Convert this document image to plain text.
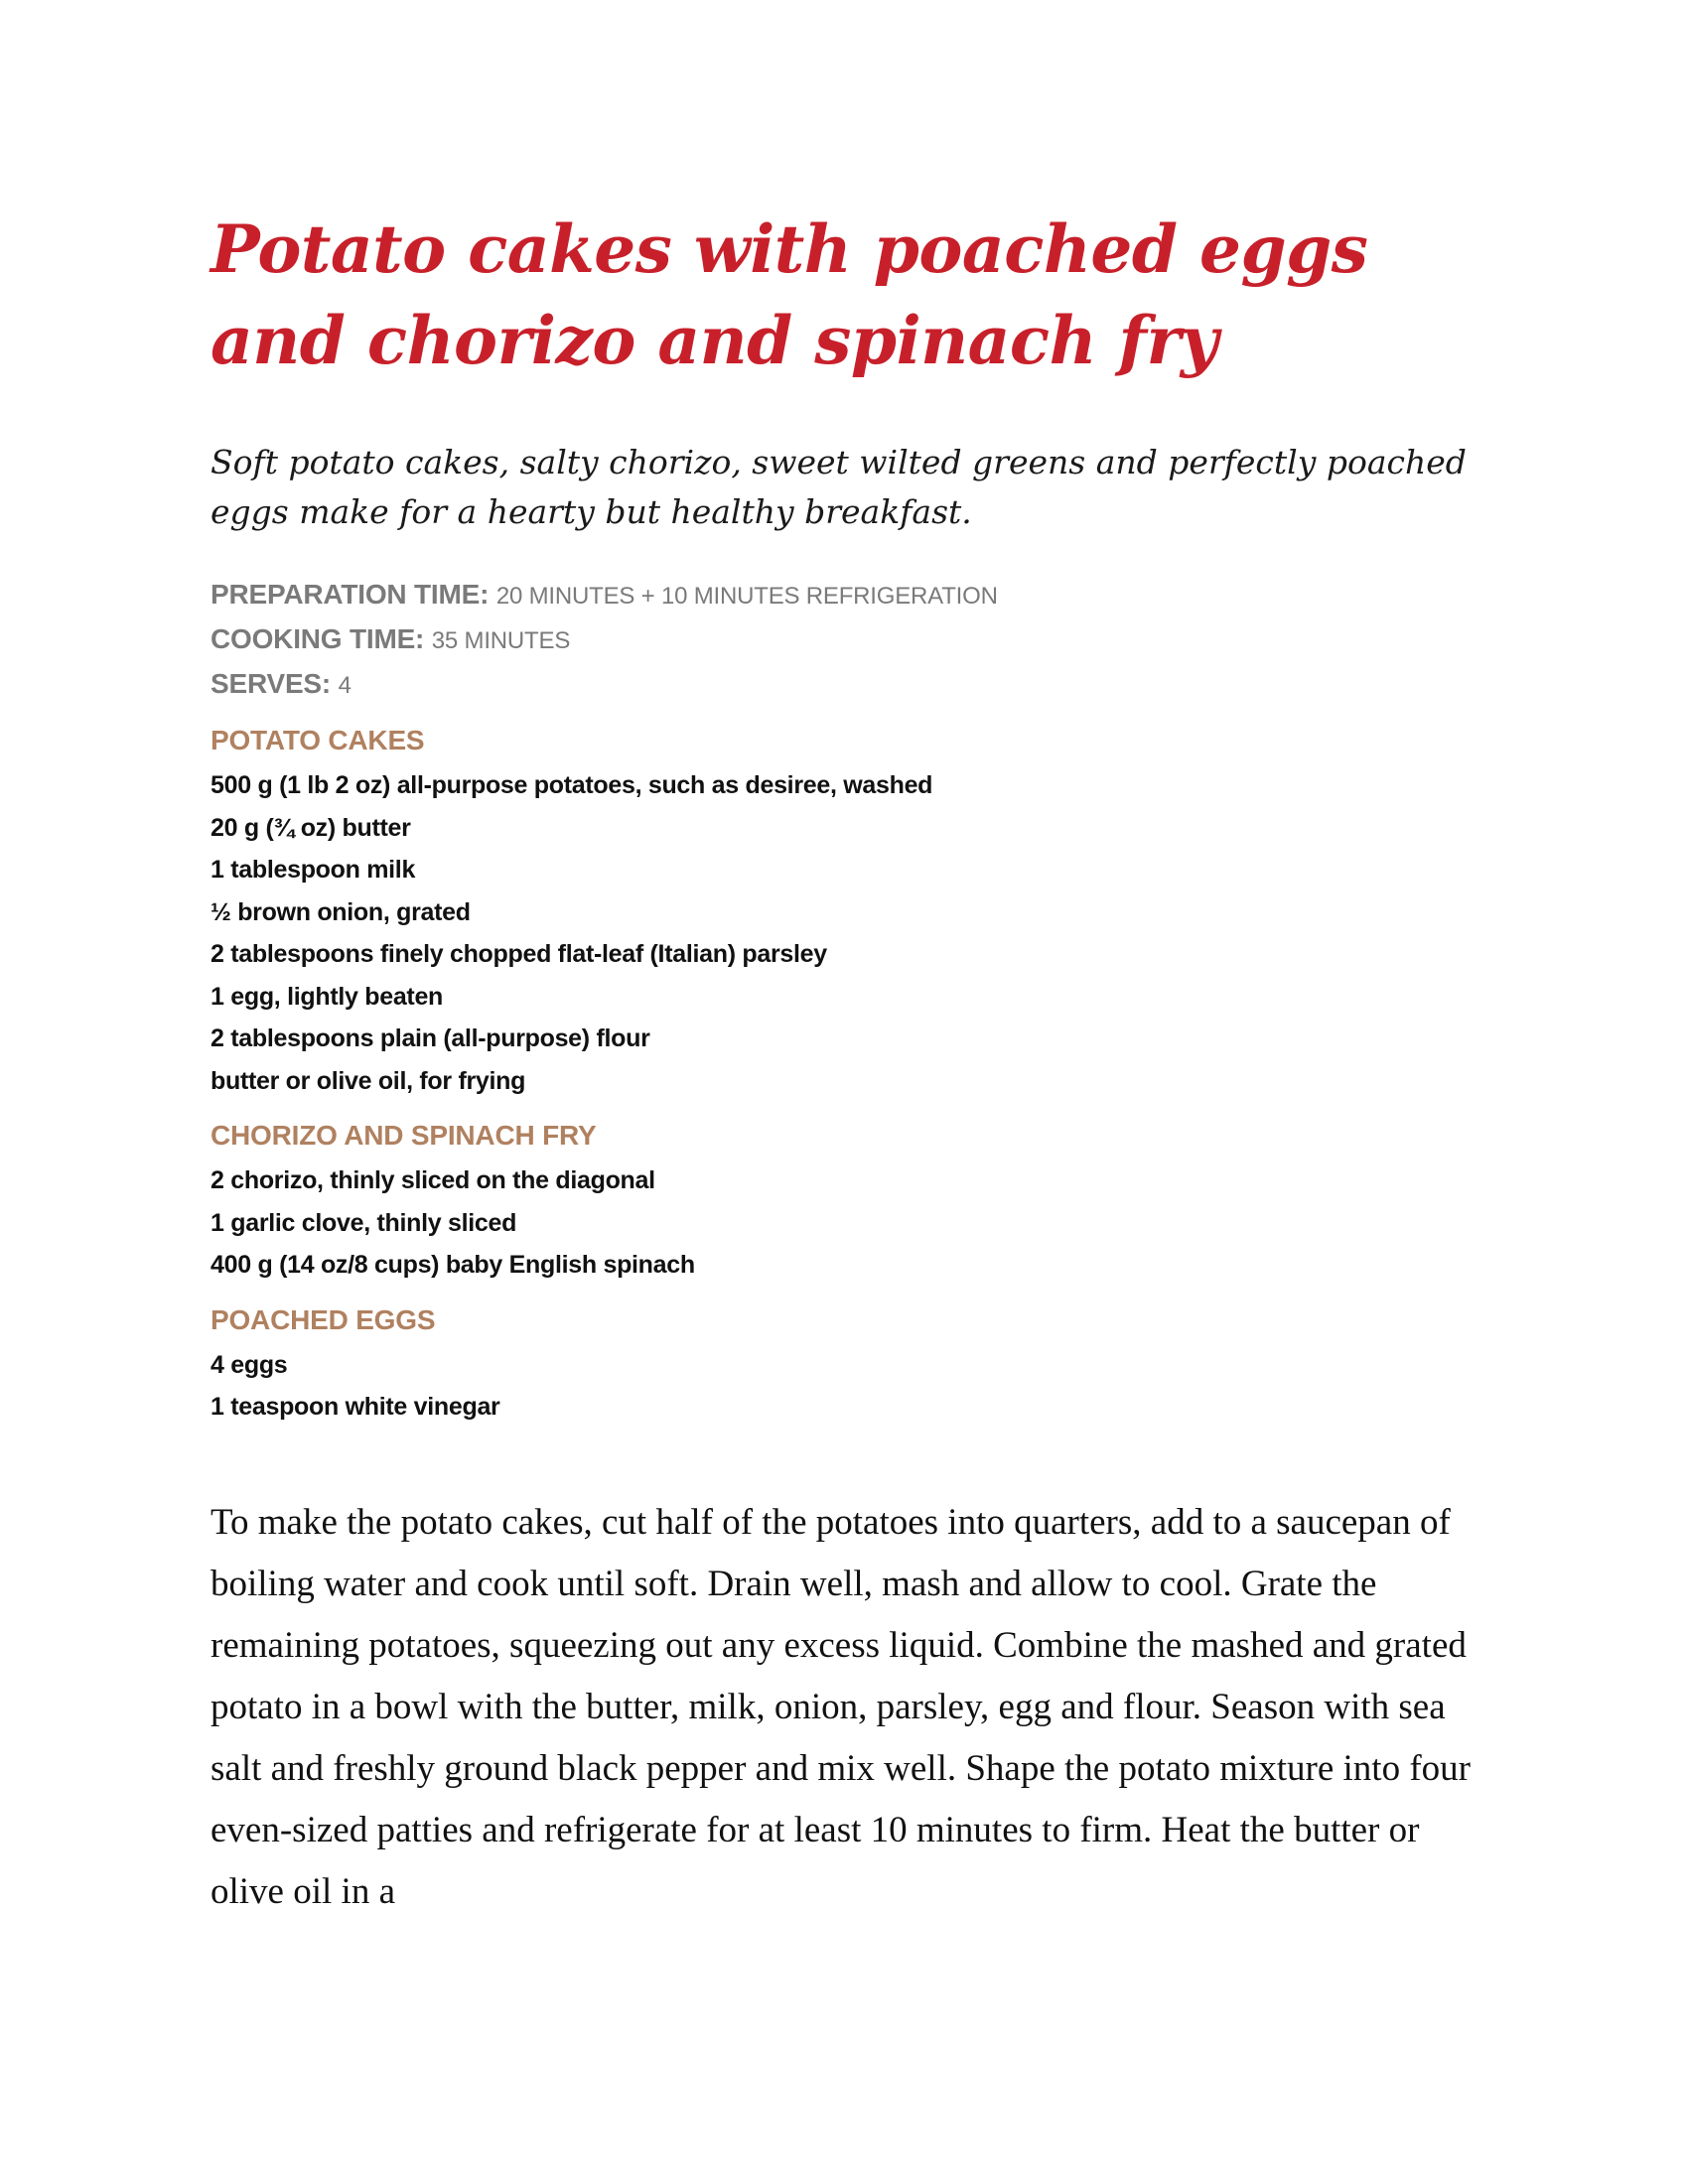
Potato cakes with poached eggs and chorizo and spinach fry

Soft potato cakes, salty chorizo, sweet wilted greens and perfectly poached eggs make for a hearty but healthy breakfast.

PREPARATION TIME: 20 MINUTES + 10 MINUTES REFRIGERATION
COOKING TIME: 35 MINUTES
SERVES: 4
POTATO CAKES
500 g (1 lb 2 oz) all-purpose potatoes, such as desiree, washed
20 g (¾ oz) butter
1 tablespoon milk
½ brown onion, grated
2 tablespoons finely chopped flat-leaf (Italian) parsley
1 egg, lightly beaten
2 tablespoons plain (all-purpose) flour
butter or olive oil, for frying
CHORIZO AND SPINACH FRY
2 chorizo, thinly sliced on the diagonal
1 garlic clove, thinly sliced
400 g (14 oz/8 cups) baby English spinach
POACHED EGGS
4 eggs
1 teaspoon white vinegar

To make the potato cakes, cut half of the potatoes into quarters, add to a saucepan of boiling water and cook until soft. Drain well, mash and allow to cool. Grate the remaining potatoes, squeezing out any excess liquid. Combine the mashed and grated potato in a bowl with the butter, milk, onion, parsley, egg and flour. Season with sea salt and freshly ground black pepper and mix well. Shape the potato mixture into four even-sized patties and refrigerate for at least 10 minutes to firm. Heat the butter or olive oil in a
